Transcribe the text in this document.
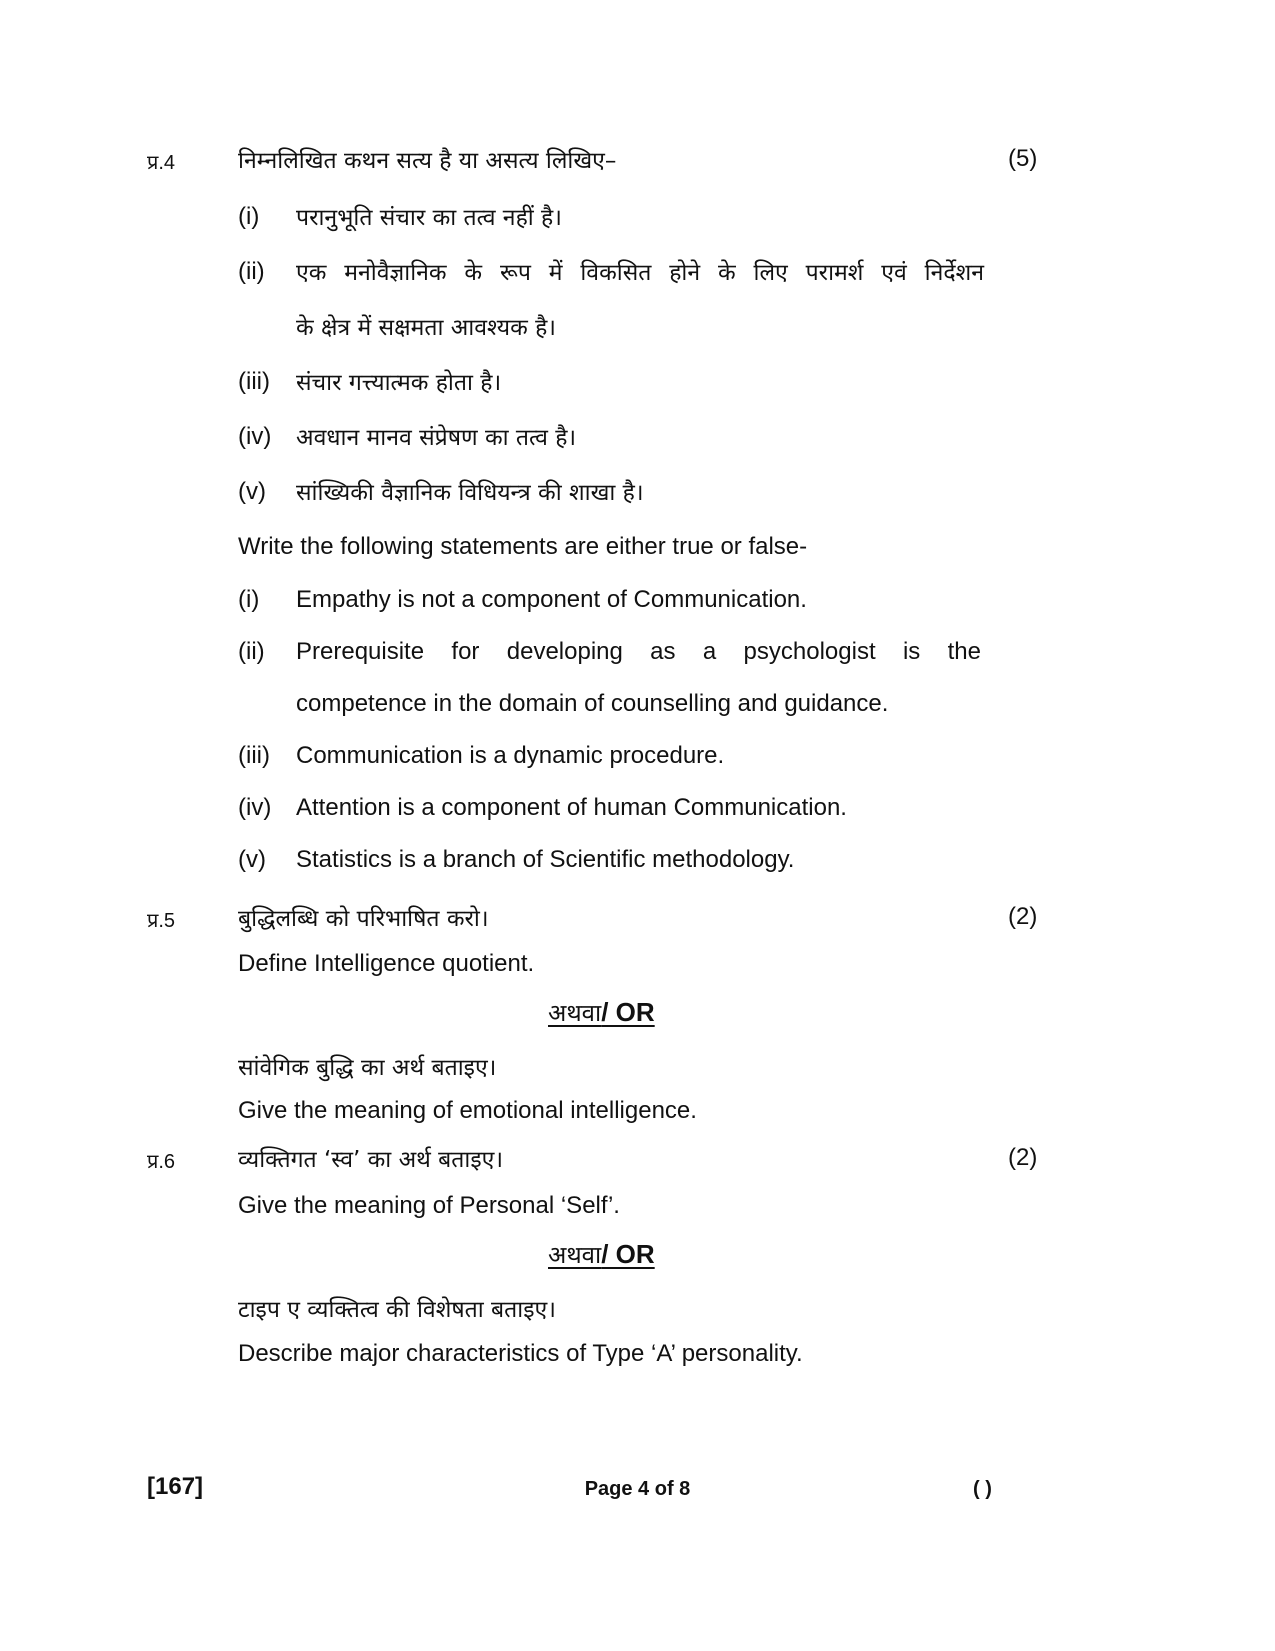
प्र.4	निम्नलिखित कथन सत्य है या असत्य लिखिए–	(5)
(i) परानुभूति संचार का तत्व नहीं है।
(ii) एक मनोवैज्ञानिक के रूप में विकसित होने के लिए परामर्श एवं निर्देशन
के क्षेत्र में सक्षमता आवश्यक है।
(iii) संचार गत्त्यात्मक होता है।
(iv) अवधान मानव संप्रेषण का तत्व है।
(v) सांख्यिकी वैज्ञानिक विधियन्त्र की शाखा है।
Write the following statements are either true or false-
(i) Empathy is not a component of Communication.
(ii) Prerequisite for developing as a psychologist is the
competence in the domain of counselling and guidance.
(iii) Communication is a dynamic procedure.
(iv) Attention is a component of human Communication.
(v) Statistics is a branch of Scientific methodology.
प्र.5	बुद्धिलब्धि को परिभाषित करो।	(2)
Define Intelligence quotient.
अथवा/ OR
सांवेगिक बुद्धि का अर्थ बताइए।
Give the meaning of emotional intelligence.
प्र.6	व्यक्तिगत ‘स्व’ का अर्थ बताइए।	(2)
Give the meaning of Personal ‘Self’.
अथवा/ OR
टाइप ए व्यक्तित्व की विशेषता बताइए।
Describe major characteristics of Type ‘A’ personality.
[167]	Page 4 of 8	( )
